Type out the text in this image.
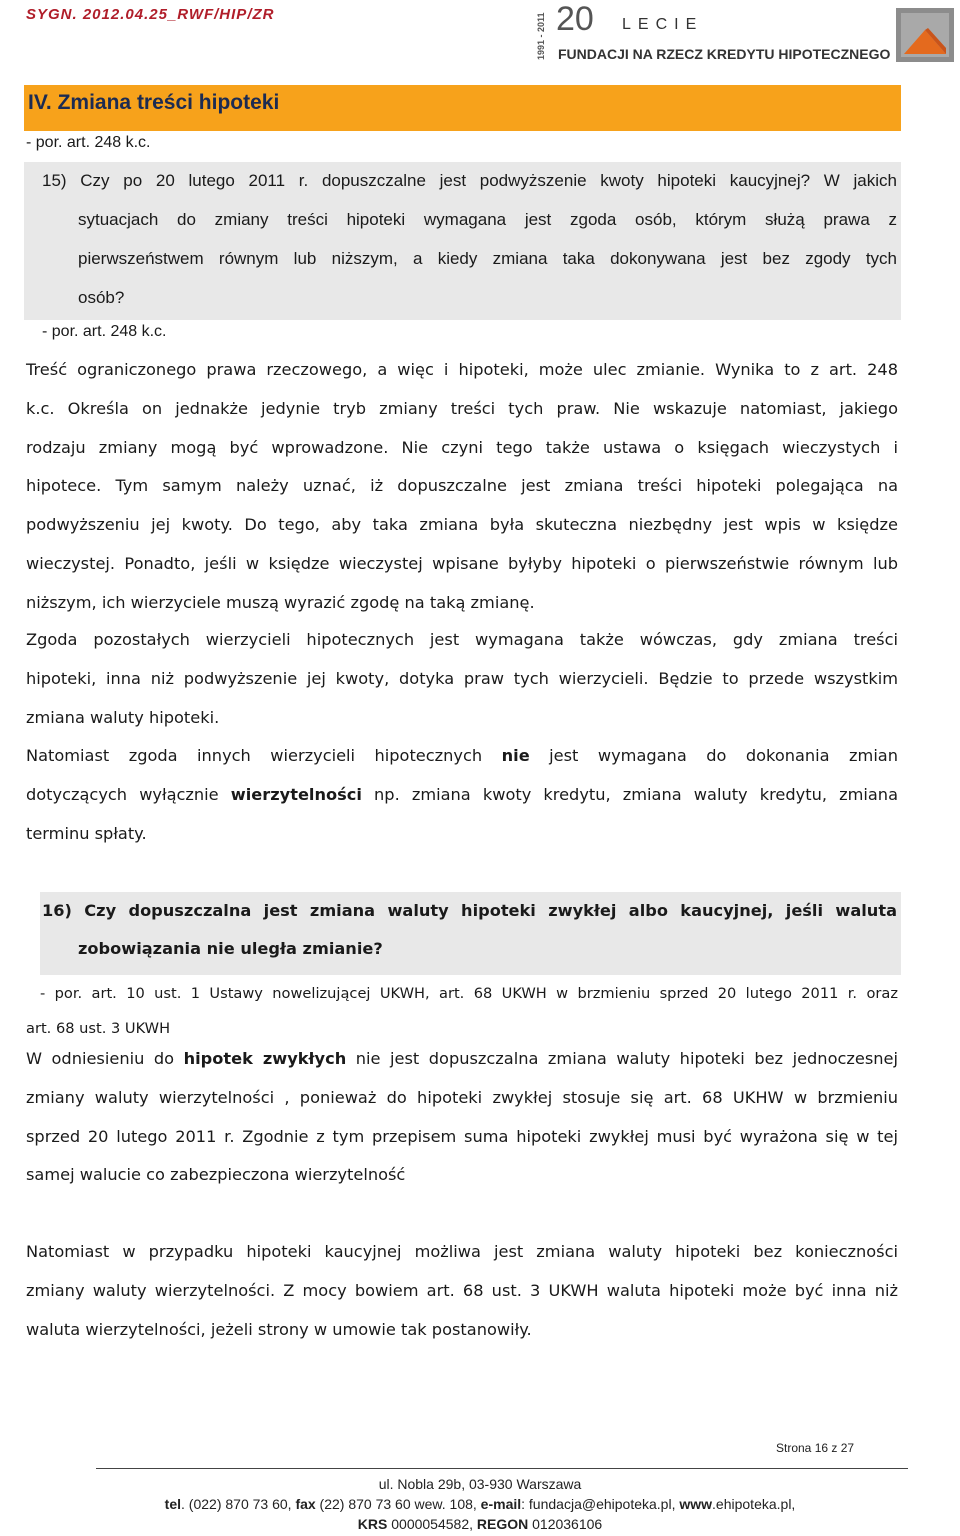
SYGN. 2012.04.25_RWF/HIP/ZR	1991 - 2011 20 LECIE
FUNDACJI NA RZECZ KREDYTU HIPOTECZNEGO
IV. Zmiana treści hipoteki
- por. art. 248 k.c.
15) Czy po 20 lutego 2011 r. dopuszczalne jest podwyższenie kwoty hipoteki kaucyjnej? W jakich
sytuacjach do zmiany treści hipoteki wymagana jest zgoda osób, którym służą prawa z
pierwszeństwem równym lub niższym, a kiedy zmiana taka dokonywana jest bez zgody tych
osób?
- por. art. 248 k.c.
Treść ograniczonego prawa rzeczowego, a więc i hipoteki, może ulec zmianie. Wynika to z art. 248
k.c. Określa on jednakże jedynie tryb zmiany treści tych praw. Nie wskazuje natomiast, jakiego
rodzaju zmiany mogą być wprowadzone. Nie czyni tego także ustawa o księgach wieczystych i
hipotece. Tym samym należy uznać, iż dopuszczalne jest zmiana treści hipoteki polegająca na
podwyższeniu jej kwoty. Do tego, aby taka zmiana była skuteczna niezbędny jest wpis w księdze
wieczystej. Ponadto, jeśli w księdze wieczystej wpisane byłyby hipoteki o pierwszeństwie równym lub
niższym, ich wierzyciele muszą wyrazić zgodę na taką zmianę.
Zgoda pozostałych wierzycieli hipotecznych jest wymagana także wówczas, gdy zmiana treści
hipoteki, inna niż podwyższenie jej kwoty, dotyka praw tych wierzycieli. Będzie to przede wszystkim
zmiana waluty hipoteki.
Natomiast zgoda innych wierzycieli hipotecznych nie jest wymagana do dokonania zmian
dotyczących wyłącznie wierzytelności np. zmiana kwoty kredytu, zmiana waluty kredytu, zmiana
terminu spłaty.
16) Czy dopuszczalna jest zmiana waluty hipoteki zwykłej albo kaucyjnej, jeśli waluta
zobowiązania nie uległa zmianie?
- por. art. 10 ust. 1 Ustawy nowelizującej UKWH, art. 68 UKWH w brzmieniu sprzed 20 lutego 2011 r. oraz
art. 68 ust. 3 UKWH
W odniesieniu do hipotek zwykłych nie jest dopuszczalna zmiana waluty hipoteki bez jednoczesnej
zmiany waluty wierzytelności , ponieważ do hipoteki zwykłej stosuje się art. 68 UKHW w brzmieniu
sprzed 20 lutego 2011 r. Zgodnie z tym przepisem suma hipoteki zwykłej musi być wyrażona się w tej
samej walucie co zabezpieczona wierzytelność
Natomiast w przypadku hipoteki kaucyjnej możliwa jest zmiana waluty hipoteki bez konieczności
zmiany waluty wierzytelności. Z mocy bowiem art. 68 ust. 3 UKWH waluta hipoteki może być inna niż
waluta wierzytelności, jeżeli strony w umowie tak postanowiły.
Strona 16 z 27
ul. Nobla 29b, 03-930 Warszawa
tel. (022) 870 73 60, fax (22) 870 73 60 wew. 108, e-mail: fundacja@ehipoteka.pl, www.ehipoteka.pl,
KRS 0000054582, REGON 012036106
